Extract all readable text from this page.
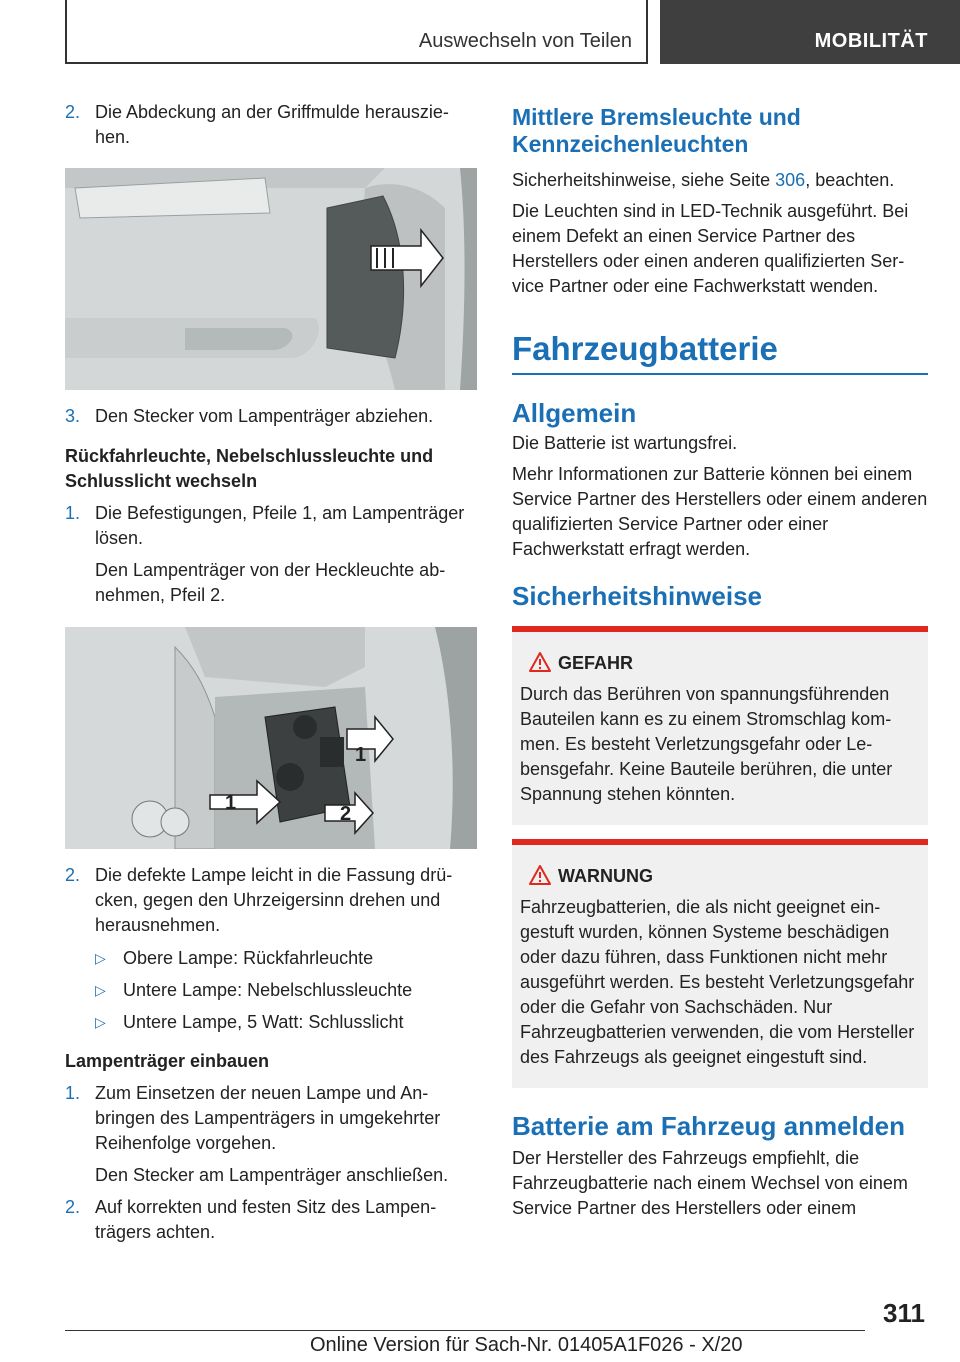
Auswechseln von Teilen	MOBILITÄT
2. Die Abdeckung an der Griffmulde herausziehen.
3. Den Stecker vom Lampenträger abziehen.
Rückfahrleuchte, Nebelschlussleuchte und Schlusslicht wechseln
1. Die Befestigungen, Pfeile 1, am Lampenträger lösen.
Den Lampenträger von der Heckleuchte abnehmen, Pfeil 2.
1
1	2
2. Die defekte Lampe leicht in die Fassung drücken, gegen den Uhrzeigersinn drehen und herausnehmen.
▷ Obere Lampe: Rückfahrleuchte
▷ Untere Lampe: Nebelschlussleuchte
▷ Untere Lampe, 5 Watt: Schlusslicht
Lampenträger einbauen
1. Zum Einsetzen der neuen Lampe und Anbringen des Lampenträgers in umgekehrter Reihenfolge vorgehen.
Den Stecker am Lampenträger anschließen.
2. Auf korrekten und festen Sitz des Lampenträgers achten.
Mittlere Bremsleuchte und Kennzeichenleuchten

Sicherheitshinweise, siehe Seite 306, beachten.

Die Leuchten sind in LED-Technik ausgeführt. Bei einem Defekt an einen Service Partner des Herstellers oder einen anderen qualifizierten Service Partner oder eine Fachwerkstatt wenden.

Fahrzeugbatterie
Allgemein

Die Batterie ist wartungsfrei.

Mehr Informationen zur Batterie können bei einem Service Partner des Herstellers oder einem anderen qualifizierten Service Partner oder einer Fachwerkstatt erfragt werden.

Sicherheitshinweise
GEFAHR

Durch das Berühren von spannungsführenden Bauteilen kann es zu einem Stromschlag kommen. Es besteht Verletzungsgefahr oder Lebensgefahr. Keine Bauteile berühren, die unter Spannung stehen könnten.

WARNUNG

Fahrzeugbatterien, die als nicht geeignet eingestuft wurden, können Systeme beschädigen oder dazu führen, dass Funktionen nicht mehr ausgeführt werden. Es besteht Verletzungsgefahr oder die Gefahr von Sachschäden. Nur Fahrzeugbatterien verwenden, die vom Hersteller des Fahrzeugs als geeignet eingestuft sind.

Batterie am Fahrzeug anmelden

Der Hersteller des Fahrzeugs empfiehlt, die Fahrzeugbatterie nach einem Wechsel von einem Service Partner des Herstellers oder einem

311
Online Version für Sach-Nr. 01405A1F026 - X/20
